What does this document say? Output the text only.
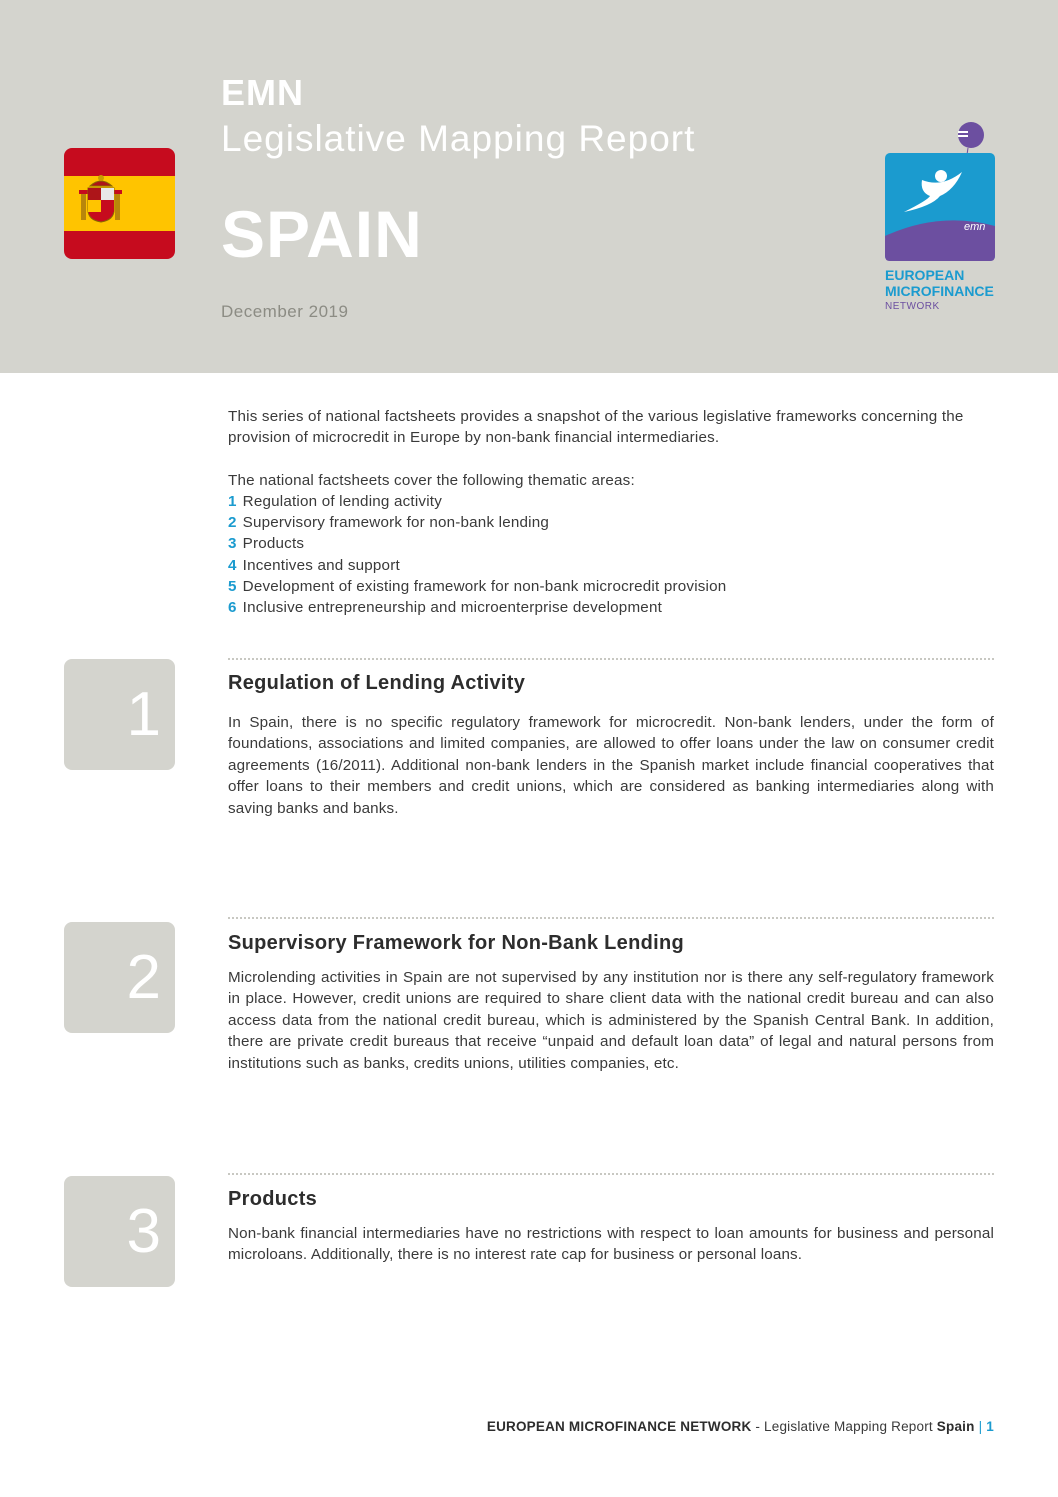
EMN
Legislative Mapping Report
SPAIN
December 2019
emn
EUROPEAN
MICROFINANCE
NETWORK

This series of national factsheets provides a snapshot of the various legislative frameworks concerning the provision of microcredit in Europe by non-bank financial intermediaries.

The national factsheets cover the following thematic areas:

1 Regulation of lending activity
2 Supervisory framework for non-bank lending
3 Products
4 Incentives and support
5 Development of existing framework for non-bank microcredit provision
6 Inclusive entrepreneurship and microenterprise development
1	Regulation of Lending Activity

In Spain, there is no specific regulatory framework for microcredit. Non-bank lenders, under the form of foundations, associations and limited companies, are allowed to offer loans under the law on consumer credit agreements (16/2011). Additional non-bank lenders in the Spanish market include financial cooperatives that offer loans to their members and credit unions, which are considered as banking intermediaries along with saving banks and banks.

2	Supervisory Framework for Non-Bank Lending

Microlending activities in Spain are not supervised by any institution nor is there any self-regulatory framework in place. However, credit unions are required to share client data with the national credit bureau and can also access data from the national credit bureau, which is administered by the Spanish Central Bank. In addition, there are private credit bureaus that receive “unpaid and default loan data” of legal and natural persons from institutions such as banks, credits unions, utilities companies, etc.

3	Products

Non-bank financial intermediaries have no restrictions with respect to loan amounts for business and personal microloans. Additionally, there is no interest rate cap for business or personal loans.

EUROPEAN MICROFINANCE NETWORK - Legislative Mapping Report Spain | 1
